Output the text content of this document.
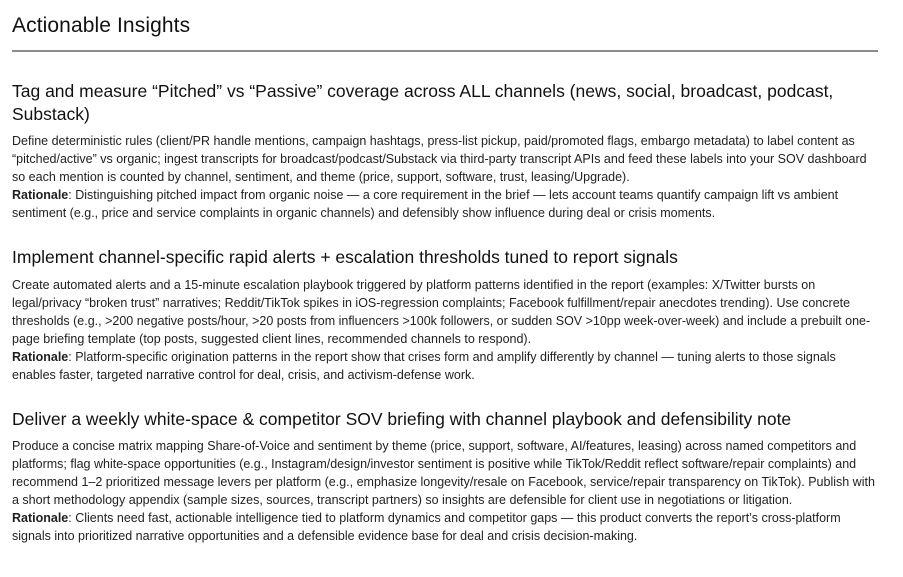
Actionable Insights
Tag and measure “Pitched” vs “Passive” coverage across ALL channels (news, social, broadcast, podcast, Substack)

Define deterministic rules (client/PR handle mentions, campaign hashtags, press-list pickup, paid/promoted flags, embargo metadata) to label content as “pitched/active” vs organic; ingest transcripts for broadcast/podcast/Substack via third-party transcript APIs and feed these labels into your SOV dashboard so each mention is counted by channel, sentiment, and theme (price, support, software, trust, leasing/Upgrade).

Rationale: Distinguishing pitched impact from organic noise — a core requirement in the brief — lets account teams quantify campaign lift vs ambient sentiment (e.g., price and service complaints in organic channels) and defensibly show influence during deal or crisis moments.

Implement channel-specific rapid alerts + escalation thresholds tuned to report signals

Create automated alerts and a 15-minute escalation playbook triggered by platform patterns identified in the report (examples: X/Twitter bursts on legal/privacy “broken trust” narratives; Reddit/TikTok spikes in iOS-regression complaints; Facebook fulfillment/repair anecdotes trending). Use concrete thresholds (e.g., >200 negative posts/hour, >20 posts from influencers >100k followers, or sudden SOV >10pp week-over-week) and include a prebuilt one-page briefing template (top posts, suggested client lines, recommended channels to respond).

Rationale: Platform-specific origination patterns in the report show that crises form and amplify differently by channel — tuning alerts to those signals enables faster, targeted narrative control for deal, crisis, and activism-defense work.

Deliver a weekly white-space & competitor SOV briefing with channel playbook and defensibility note

Produce a concise matrix mapping Share-of-Voice and sentiment by theme (price, support, software, AI/features, leasing) across named competitors and platforms; flag white-space opportunities (e.g., Instagram/design/investor sentiment is positive while TikTok/Reddit reflect software/repair complaints) and recommend 1–2 prioritized message levers per platform (e.g., emphasize longevity/resale on Facebook, service/repair transparency on TikTok). Publish with a short methodology appendix (sample sizes, sources, transcript partners) so insights are defensible for client use in negotiations or litigation.

Rationale: Clients need fast, actionable intelligence tied to platform dynamics and competitor gaps — this product converts the report’s cross-platform signals into prioritized narrative opportunities and a defensible evidence base for deal and crisis decision-making.
